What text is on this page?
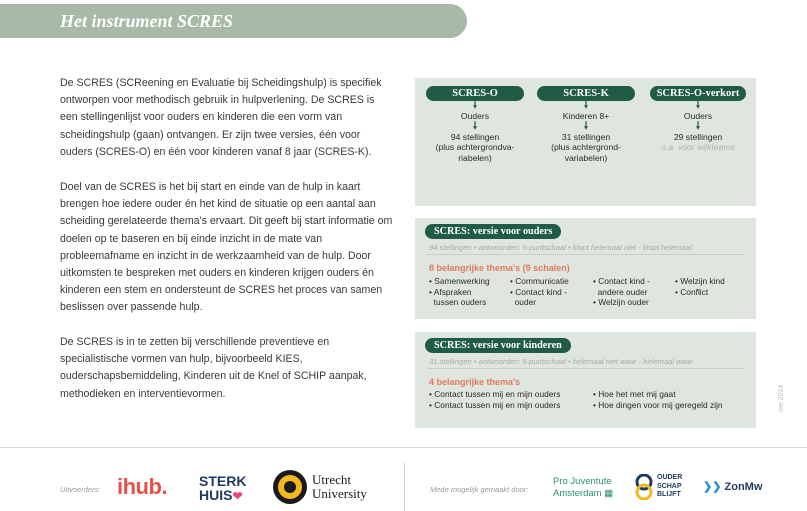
Het instrument SCRES

De SCRES (SCReening en Evaluatie bij Scheidingshulp) is specifiek ontworpen voor methodisch gebruik in hulpverlening. De SCRES is een stellingenlijst voor ouders en kinderen die een vorm van scheidingshulp (gaan) ontvangen. Er zijn twee versies, één voor ouders (SCRES-O) en één voor kinderen vanaf 8 jaar (SCRES-K).

Doel van de SCRES is het bij start en einde van de hulp in kaart brengen hoe iedere ouder én het kind de situatie op een aantal aan scheiding gerelateerde thema's ervaart. Dit geeft bij start informatie om doelen op te baseren en bij einde inzicht in de mate van probleemafname en inzicht in de werkzaamheid van de hulp. Door uitkomsten te bespreken met ouders en kinderen krijgen ouders én kinderen een stem en ondersteunt de SCRES het proces van samen beslissen over passende hulp.

De SCRES is in te zetten bij verschillende preventieve en specialistische vormen van hulp, bijvoorbeeld KIES, ouderschapsbemiddeling, Kinderen uit de Knel of SCHIP aanpak, methodieken en interventievormen.

SCRES-O
🠗
Ouders
🠗
94 stellingen
(plus achtergrondva-riabelen)
SCRES-K
🠗
Kinderen 8+
🠗
31 stellingen
(plus achtergrond-variabelen)
SCRES-O-verkort
🠗
Ouders
🠗
29 stellingen
o.a. voor wijkteams
SCRES: versie voor ouders
94 stellingen • antwoorden: 5-puntschaal • klopt helemaal niet - klopt helemaal
8 belangrijke thema's (9 schalen)
• Samenwerking
• Afspraken
tussen ouders
• Communicatie
• Contact kind -
ouder
• Contact kind -
andere ouder
• Welzijn ouder
• Welzijn kind
• Conflict
SCRES: versie voor kinderen
31 stellingen • antwoorden: 5-puntschaal • helemaal niet waar - helemaal waar
4 belangrijke thema's
• Contact tussen mij en mijn ouders
• Contact tussen mij en mijn ouders
• Hoe het met mij gaat
• Hoe dingen voor mij geregeld zijn	me 2024
Uitvoerders: ihub. STERK
HUIS❤
Utrecht
University	Mede mogelijk gemaakt door:
Pro Juventute
Amsterdam ▦
OUDER
SCHAP
BLIJFT
❯❯ ZonMw
